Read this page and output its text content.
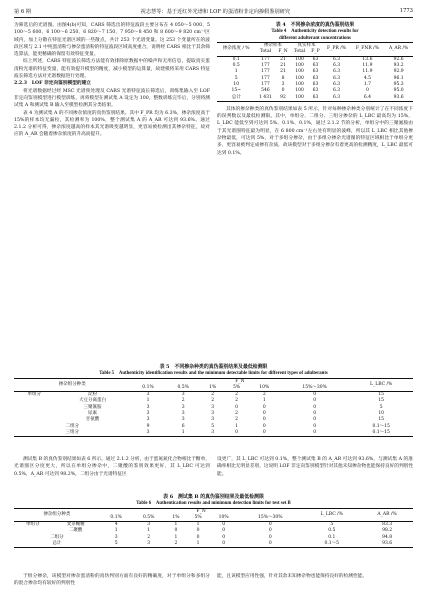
第 6 期	祝志慧等：基于近红外光谱和 LOF 的蛋清粉非定向掺假鉴别研究	1773

为筛选后的光谱图。由图4(b)可知，CARS 筛选出的特征波段主要分布在 4 050～5 000、5 100～5 600、6 100～6 250、6 820～7 150、7 950～8 450 和 8 600～9 820 cm⁻¹区域内，加上分散在特征光谱区域的一些散点，共计 253 个光谱变量。这 253 个变量所在的波段区域与 2.1 中纯蛋清粉与掺杂蛋清粉的特征波段区域高度重合，说明经 CARS 相比于其余筛选算法，能更精确的保留有效特征变量。

综上所述，CARS 特征波长筛选方法能有效排除原数据中的噪声和无用信息，提取真实蛋清粉光谱的特征变量，能有效提升模型的精度，减小模型的运算量，故建模将采用 CARS 特征波长筛选方法对光谱数据进行处理。

2.2.3　LOF 非定向鉴别模型的建立

将光谱数据经过经 MSC 光谱预处理及 CARS 光谱特征波长筛选后，训练集输入至 LOF 非定向鉴别模型进行模型训练，再将模型在测试集 A 设定为 100，整数训练完毕后，分别将测试集 A 和测试集 B 输入至模型检测其分类结果。

表 4 为测试集 A 的不同掺杂浓度的真伪鉴别结果。其中 F_PR 均为 6.3%，掺杂浓度高于 15%的样本均无漏检，其检测率为 100%，整个测试集 A 的 A_AR 可达到 93.6%。通过 2.1.2 分析可得，掺杂浓度越高的样本其光谱吸变越明显，更容易被检测出其掺杂特征，故对应的 A_AR 会随着掺杂浓度的升高而提升。

表 4　不同掺杂浓度的真伪鉴别结果

Table 4　Authenticity detection results for

different adulterant concentrations

掺杂浓度 / %	掺杂样本		真实样本		F_PR /%	F_FNR /%	A_AR /%
	Total	F_N	Total	F_P			
0.1	177	21	100	63	6.3	13.6	92.6
0.5	177	21	100	63	6.3	11.9	93.2
1	177	21	100	63	6.3	11.9	92.9
5	177	8	100	63	6.3	4.5	96.1
10	177	3	100	63	6.3	1.7	95.3
15~	546	0	100	63	6.3	0	95.0
总计	1 431	92	100	63	6.3	6.4	93.6

其体的掺杂种类的真伪鉴别结果如表 5 所示，针对每种掺杂种类分别统计了在不同浓度下的误判数以及最低检测限。其中，单组分、二组分、三组分掺杂的 L_LBC 最高均为 15%，L_LBC 能低至到可达到 5%、0.1%、0.1%，通过 2.1.2 节的分析，单组分中的三聚氰胺由于其光谱图特征最为明显，在 6 800 cm⁻¹左右处有明显的波峰，所以其 L_LBC 相比其他掺杂物最低，可达到 5%，对于多组分掺杂，由于多组分掺杂光谱图的特征区域相比于单组分更多，更容易被判定成掺有杂质，故该模型对于多组分掺杂有着更高的检测精度，L_LBC 最低可达到 0.1%。

表 5　不同掺杂种类的真伪鉴别结果及最低检测限

Table 5　Authenticity identification results and the minimum detectable limits for different types of adulterants

掺杂组分种类		F_N						L_LBC /%
		0.1%	0.5%	1%	5%	10%	15%～30%	
单组分	淀粉	3	3	2	2	2	0	15
	大豆分离蛋白	1	2	2	2	1	0	15
	三聚氰胺	3	3	3	0	0	0	5
	尿素	3	3	3	2	0	0	10
	甘氨酸	3	3	3	2	0	0	15
二组分		9	6	5	1	0	0	0.1～15
三组分		3	1	3	0	0	0	0.1～15

测试集 B 的真伪鉴别结果如表 6 所示。通过 2.1.2 分析，由于蛋氮氮化合物相比于糖单，光谱图区分度更大，所以在单组分掺杂中，二聚酸的鉴别效果更好，其 L_LBC 可达到 0.5%，A_AR 可达到 98.2%，二组分由于光谱特征区

设更广，其 L_LBC 可达到 0.1%，整个测试集 B 的 A_AR 可达到 93.6%，与测试集 A 的准确率相比无明显差别，这说明 LOF 非定向鉴别模型针对其他未知掺杂物也能保持良好的判别性能。

表 6　测试集 B 的真伪鉴别结果及最低检测限

Table 6　Authentication results and minimum detection limits for test set B

掺杂组分种类		F_N						L_LBC /%	A_AR /%
		0.1%	0.5%	1%	5%	10%	15%～30%		
单组分	麦芽糊精	4	3	1	1	0	0	5	83.3
	二聚酸	1	1	0	0	0	0	0.5	98.2
二组分		3	2	1	0	0	0	0.1	94.8
总计		5	3	2	1	0	0	0.1～5	93.6

于组分掺杂，该模型对掺杂蛋清粉的真伪判别方面有良好的精确度，对于单组分和多组分的混合掺杂均有较好的判别性

能，且该模型应用性强，针对其余未知掺杂物也能保持良好的检测性能。
